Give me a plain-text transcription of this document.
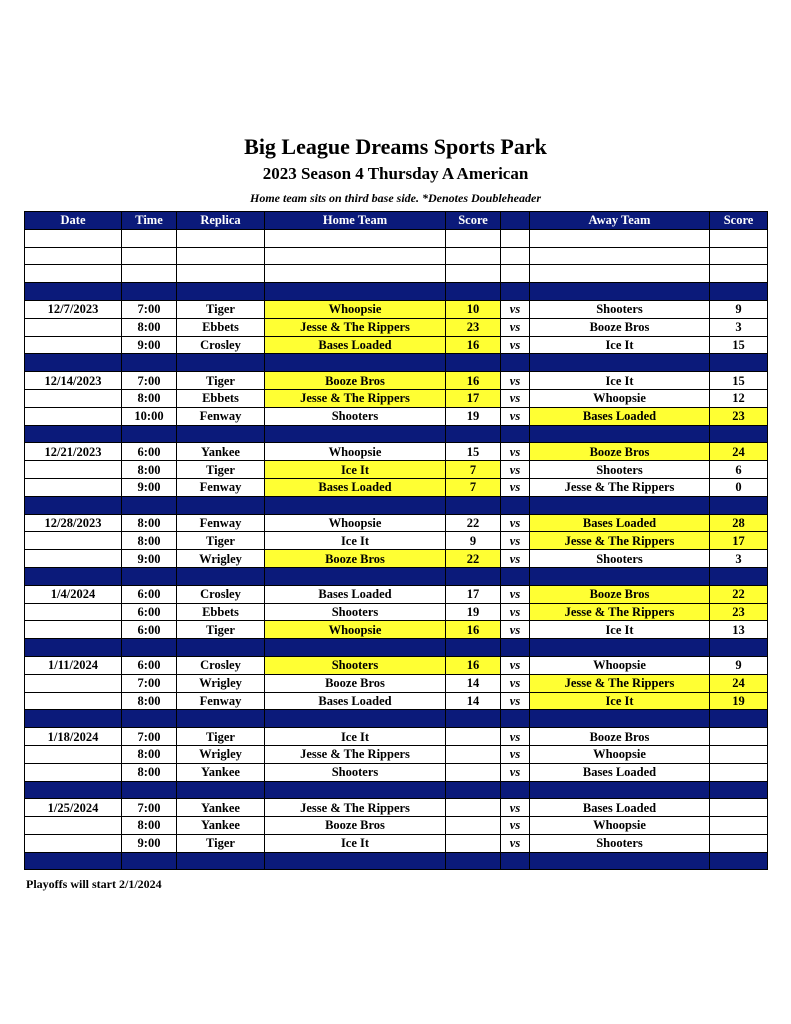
Big League Dreams Sports Park
2023 Season 4 Thursday A American
Home team sits on third base side. *Denotes Doubleheader
Date	Time	Replica	Home Team	Score		Away Team	Score

12/7/2023	7:00	Tiger	Whoopsie	10	vs	Shooters	9
	8:00	Ebbets	Jesse & The Rippers	23	vs	Booze Bros	3
	9:00	Crosley	Bases Loaded	16	vs	Ice It	15

12/14/2023	7:00	Tiger	Booze Bros	16	vs	Ice It	15
	8:00	Ebbets	Jesse & The Rippers	17	vs	Whoopsie	12
	10:00	Fenway	Shooters	19	vs	Bases Loaded	23

12/21/2023	6:00	Yankee	Whoopsie	15	vs	Booze Bros	24
	8:00	Tiger	Ice It	7	vs	Shooters	6
	9:00	Fenway	Bases Loaded	7	vs	Jesse & The Rippers	0

12/28/2023	8:00	Fenway	Whoopsie	22	vs	Bases Loaded	28
	8:00	Tiger	Ice It	9	vs	Jesse & The Rippers	17
	9:00	Wrigley	Booze Bros	22	vs	Shooters	3

1/4/2024	6:00	Crosley	Bases Loaded	17	vs	Booze Bros	22
	6:00	Ebbets	Shooters	19	vs	Jesse & The Rippers	23
	6:00	Tiger	Whoopsie	16	vs	Ice It	13

1/11/2024	6:00	Crosley	Shooters	16	vs	Whoopsie	9
	7:00	Wrigley	Booze Bros	14	vs	Jesse & The Rippers	24
	8:00	Fenway	Bases Loaded	14	vs	Ice It	19

1/18/2024	7:00	Tiger	Ice It		vs	Booze Bros	
	8:00	Wrigley	Jesse & The Rippers		vs	Whoopsie	
	8:00	Yankee	Shooters		vs	Bases Loaded	

1/25/2024	7:00	Yankee	Jesse & The Rippers		vs	Bases Loaded	
	8:00	Yankee	Booze Bros		vs	Whoopsie	
	9:00	Tiger	Ice It		vs	Shooters	

Playoffs will start 2/1/2024
